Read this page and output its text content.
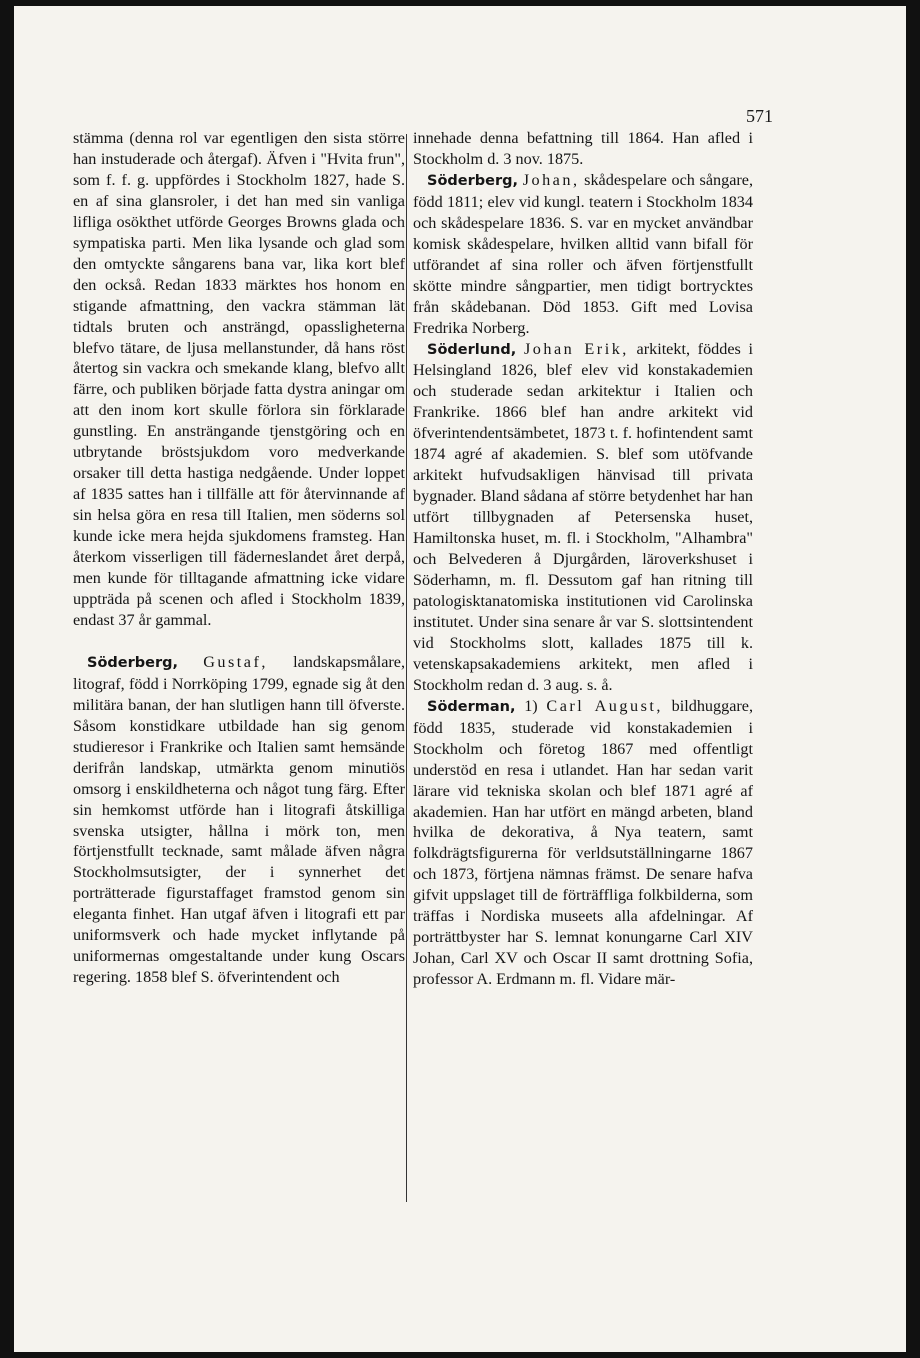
571

stämma (denna rol var egentligen den sista större han instuderade och återgaf). Äfven i "Hvita frun", som f. f. g. uppfördes i Stockholm 1827, hade S. en af sina glansroler, i det han med sin vanliga lifliga osökthet utförde Georges Browns glada och sympatiska parti. Men lika lysande och glad som den omtyckte sångarens bana var, lika kort blef den också. Redan 1833 märktes hos honom en stigande afmattning, den vackra stämman lät tidtals bruten och ansträngd, opassligheterna blefvo tätare, de ljusa mellanstunder, då hans röst återtog sin vackra och smekande klang, blefvo allt färre, och publiken började fatta dystra aningar om att den inom kort skulle förlora sin förklarade gunstling. En ansträngande tjenstgöring och en utbrytande bröstsjukdom voro medverkande orsaker till detta hastiga nedgående. Under loppet af 1835 sattes han i tillfälle att för återvinnande af sin helsa göra en resa till Italien, men söderns sol kunde icke mera hejda sjukdomens framsteg. Han återkom visserligen till fäderneslandet året derpå, men kunde för tilltagande afmattning icke vidare uppträda på scenen och afled i Stockholm 1839, endast 37 år gammal.

Söderberg, Gustaf, landskapsmålare, litograf, född i Norrköping 1799, egnade sig åt den militära banan, der han slutligen hann till öfverste. Såsom konstidkare utbildade han sig genom studieresor i Frankrike och Italien samt hemsände derifrån landskap, utmärkta genom minutiös omsorg i enskildheterna och något tung färg. Efter sin hemkomst utförde han i litografi åtskilliga svenska utsigter, hållna i mörk ton, men förtjenstfullt tecknade, samt målade äfven några Stockholmsutsigter, der i synnerhet det porträtterade figurstaffaget framstod genom sin eleganta finhet. Han utgaf äfven i litografi ett par uniformsverk och hade mycket inflytande på uniformernas omgestaltande under kung Oscars regering. 1858 blef S. öfverintendent och

innehade denna befattning till 1864. Han afled i Stockholm d. 3 nov. 1875.

Söderberg, Johan, skådespelare och sångare, född 1811; elev vid kungl. teatern i Stockholm 1834 och skådespelare 1836. S. var en mycket användbar komisk skådespelare, hvilken alltid vann bifall för utförandet af sina roller och äfven förtjenstfullt skötte mindre sångpartier, men tidigt bortrycktes från skådebanan. Död 1853. Gift med Lovisa Fredrika Norberg.

Söderlund, Johan Erik, arkitekt, föddes i Helsingland 1826, blef elev vid konstakademien och studerade sedan arkitektur i Italien och Frankrike. 1866 blef han andre arkitekt vid öfverintendentsämbetet, 1873 t. f. hofintendent samt 1874 agré af akademien. S. blef som utöfvande arkitekt hufvudsakligen hänvisad till privata bygnader. Bland sådana af större betydenhet har han utfört tillbygnaden af Petersenska huset, Hamiltonska huset, m. fl. i Stockholm, "Alhambra" och Belvederen å Djurgården, läroverkshuset i Söderhamn, m. fl. Dessutom gaf han ritning till patologisktanatomiska institutionen vid Carolinska institutet. Under sina senare år var S. slottsintendent vid Stockholms slott, kallades 1875 till k. vetenskapsakademiens arkitekt, men afled i Stockholm redan d. 3 aug. s. å.

Söderman, 1) Carl August, bildhuggare, född 1835, studerade vid konstakademien i Stockholm och företog 1867 med offentligt understöd en resa i utlandet. Han har sedan varit lärare vid tekniska skolan och blef 1871 agré af akademien. Han har utfört en mängd arbeten, bland hvilka de dekorativa, å Nya teatern, samt folkdrägtsfigurerna för verldsutställningarne 1867 och 1873, förtjena nämnas främst. De senare hafva gifvit uppslaget till de förträffliga folkbilderna, som träffas i Nordiska museets alla afdelningar. Af porträttbyster har S. lemnat konungarne Carl XIV Johan, Carl XV och Oscar II samt drottning Sofia, professor A. Erdmann m. fl. Vidare mär-
